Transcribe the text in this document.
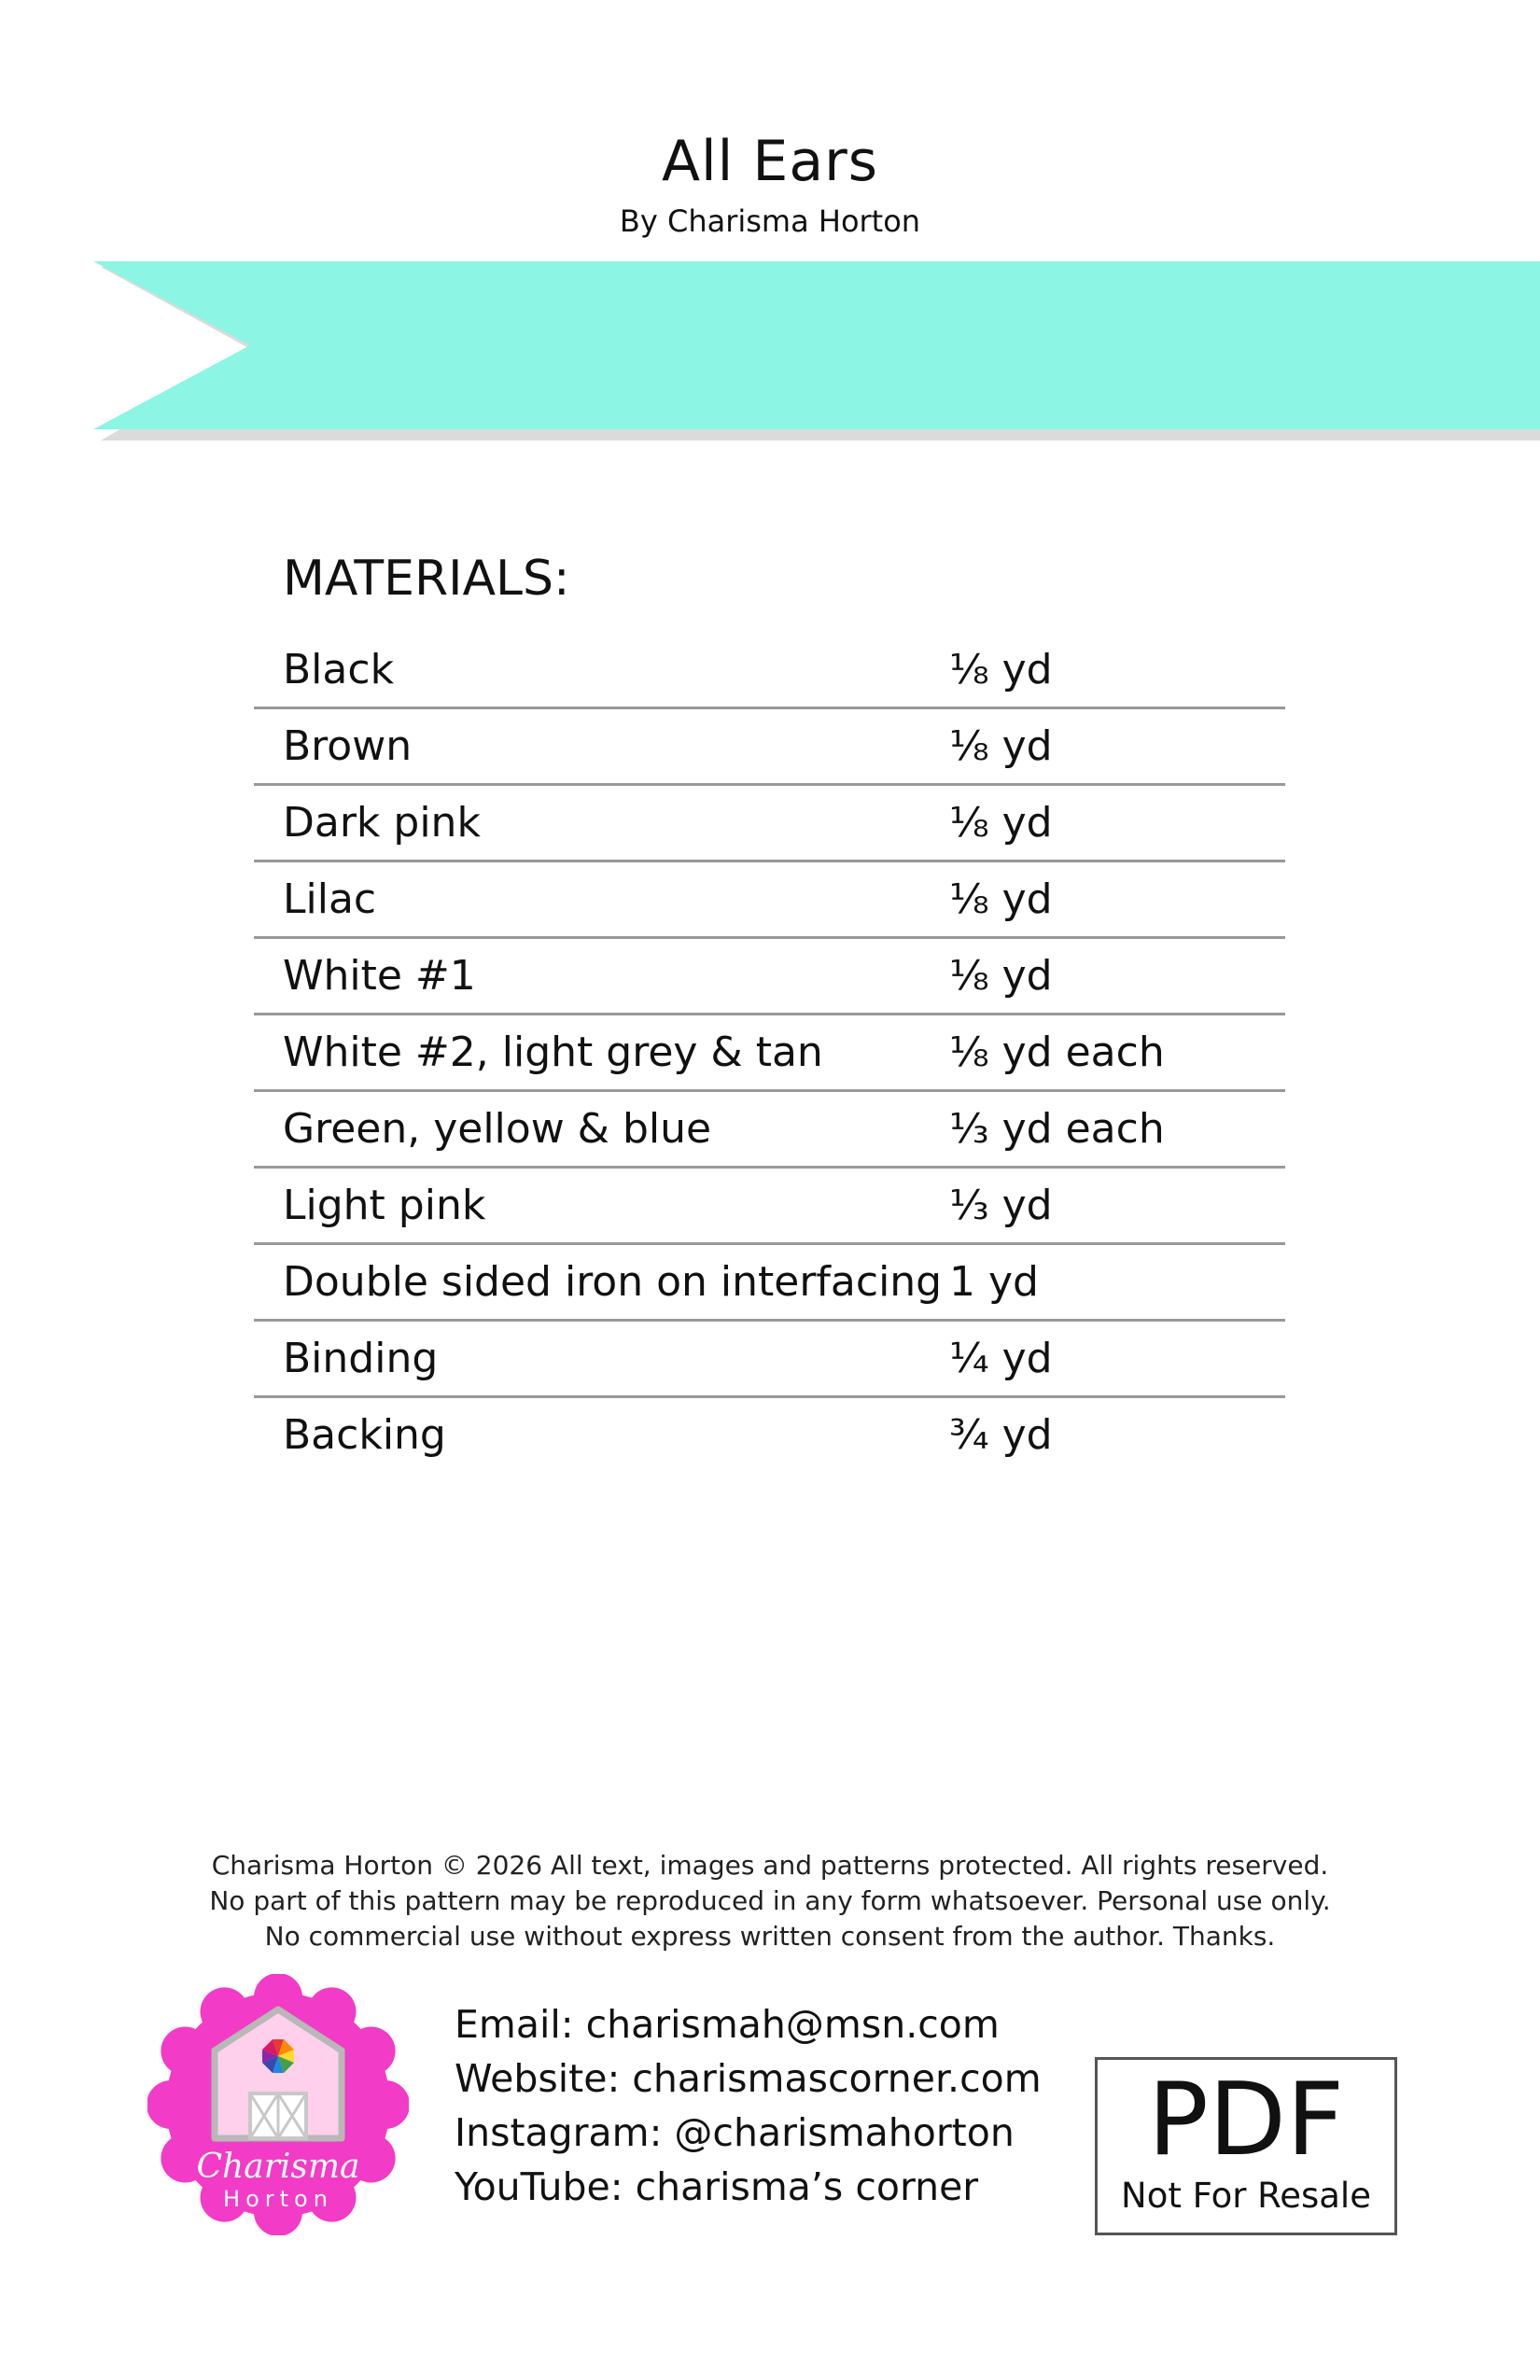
All Ears
By Charisma Horton
MATERIALS:
Black	⅛ yd
Brown	⅛ yd
Dark pink	⅛ yd
Lilac	⅛ yd
White #1	⅛ yd
White #2, light grey & tan	⅛ yd each
Green, yellow & blue	⅓ yd each
Light pink	⅓ yd
Double sided iron on interfacing	1 yd
Binding	¼ yd
Backing	¾ yd
Charisma Horton © 2026 All text, images and patterns protected. All rights reserved.
No part of this pattern may be reproduced in any form whatsoever. Personal use only.
No commercial use without express written consent from the author. Thanks.
Charisma
Horton
Email: charismah@msn.com
Website: charismascorner.com
Instagram: @charismahorton
YouTube: charisma’s corner
PDF
Not For Resale
